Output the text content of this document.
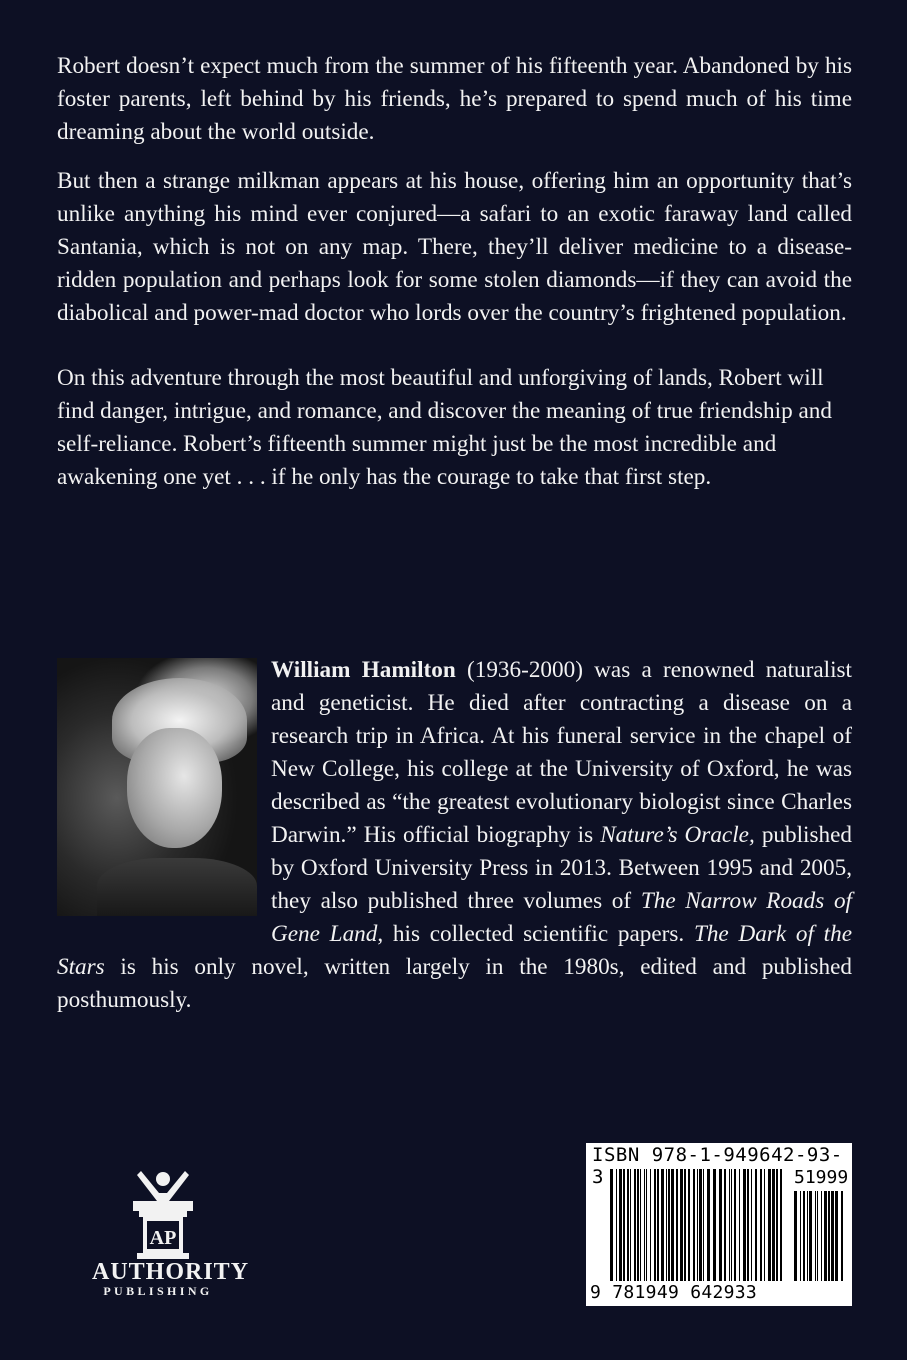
Robert doesn’t expect much from the summer of his fifteenth year. Abandoned by his foster parents, left behind by his friends, he’s prepared to spend much of his time dreaming about the world outside.

But then a strange milkman appears at his house, offering him an opportunity that’s unlike anything his mind ever conjured—a safari to an exotic faraway land called Santania, which is not on any map. There, they’ll deliver medicine to a disease-ridden population and perhaps look for some stolen diamonds—if they can avoid the diabolical and power-mad doctor who lords over the country’s frightened population.

On this adventure through the most beautiful and unforgiving of lands, Robert will find danger, intrigue, and romance, and discover the meaning of true friendship and self-reliance. Robert’s fifteenth summer might just be the most incredible and awakening one yet . . . if he only has the courage to take that first step.

William Hamilton (1936-2000) was a renowned naturalist and geneticist. He died after contracting a disease on a research trip in Africa. At his funeral service in the chapel of New College, his college at the University of Oxford, he was described as “the greatest evolutionary biologist since Charles Darwin.” His official biography is Nature’s Oracle, published by Oxford University Press in 2013. Between 1995 and 2005, they also published three volumes of The Narrow Roads of Gene Land, his collected scientific papers. The Dark of the Stars is his only novel, written largely in the 1980s, edited and published posthumously.
AP
AUTHORITY
PUBLISHING
ISBN 978-1-949642-93-3	51999
9 781949 642933
